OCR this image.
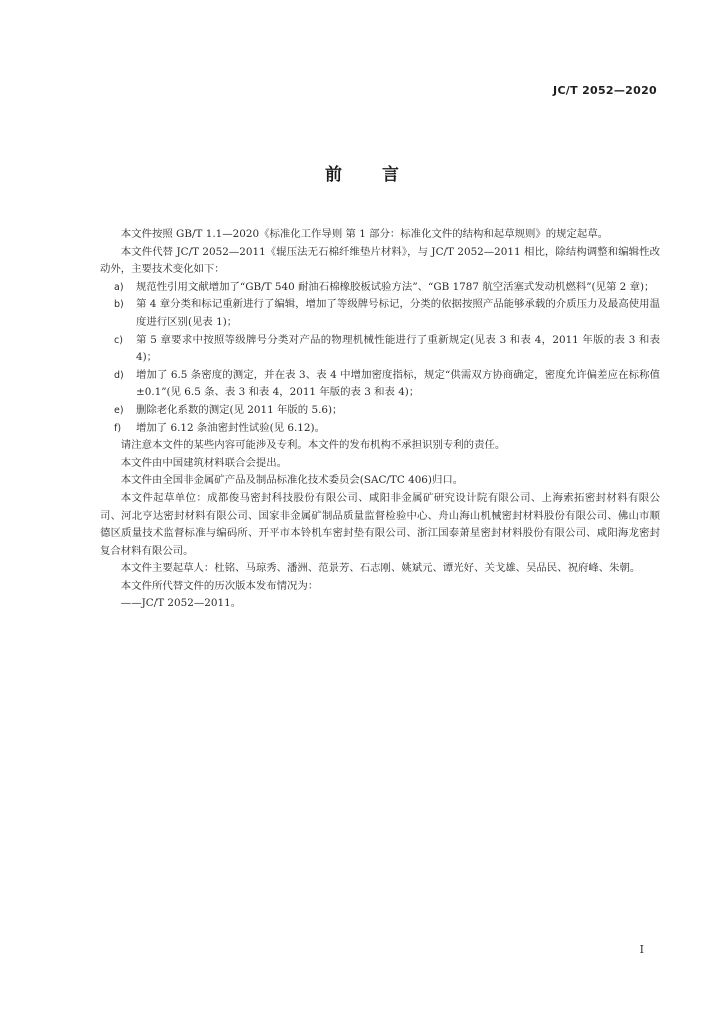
JC/T 2052—2020
前言

本文件按照 GB/T 1.1—2020《标准化工作导则 第 1 部分：标准化文件的结构和起草规则》的规定起草。

本文件代替 JC/T 2052—2011《辊压法无石棉纤维垫片材料》，与 JC/T 2052—2011 相比，除结构调整和编辑性改动外，主要技术变化如下：

a) 规范性引用文献增加了“GB/T 540 耐油石棉橡胶板试验方法”、“GB 1787 航空活塞式发动机燃料”(见第 2 章)；

b) 第 4 章分类和标记重新进行了编辑，增加了等级牌号标记，分类的依据按照产品能够承载的介质压力及最高使用温度进行区别(见表 1)；

c) 第 5 章要求中按照等级牌号分类对产品的物理机械性能进行了重新规定(见表 3 和表 4，2011 年版的表 3 和表 4)；

d) 增加了 6.5 条密度的测定，并在表 3、表 4 中增加密度指标，规定“供需双方协商确定，密度允许偏差应在标称值±0.1”(见 6.5 条、表 3 和表 4，2011 年版的表 3 和表 4)；

e) 删除老化系数的测定(见 2011 年版的 5.6)；

f) 增加了 6.12 条油密封性试验(见 6.12)。

请注意本文件的某些内容可能涉及专利。本文件的发布机构不承担识别专利的责任。

本文件由中国建筑材料联合会提出。

本文件由全国非金属矿产品及制品标准化技术委员会(SAC/TC 406)归口。

本文件起草单位：成都俊马密封科技股份有限公司、咸阳非金属矿研究设计院有限公司、上海索拓密封材料有限公司、河北亨达密封材料有限公司、国家非金属矿制品质量监督检验中心、舟山海山机械密封材料股份有限公司、佛山市顺德区质量技术监督标准与编码所、开平市本铃机车密封垫有限公司、浙江国泰萧星密封材料股份有限公司、咸阳海龙密封复合材料有限公司。

本文件主要起草人：杜铭、马琼秀、潘洲、范景芳、石志刚、姚斌元、谭光好、关戈雄、吴品民、祝府峰、朱朝。

本文件所代替文件的历次版本发布情况为：

——JC/T 2052—2011。

I
